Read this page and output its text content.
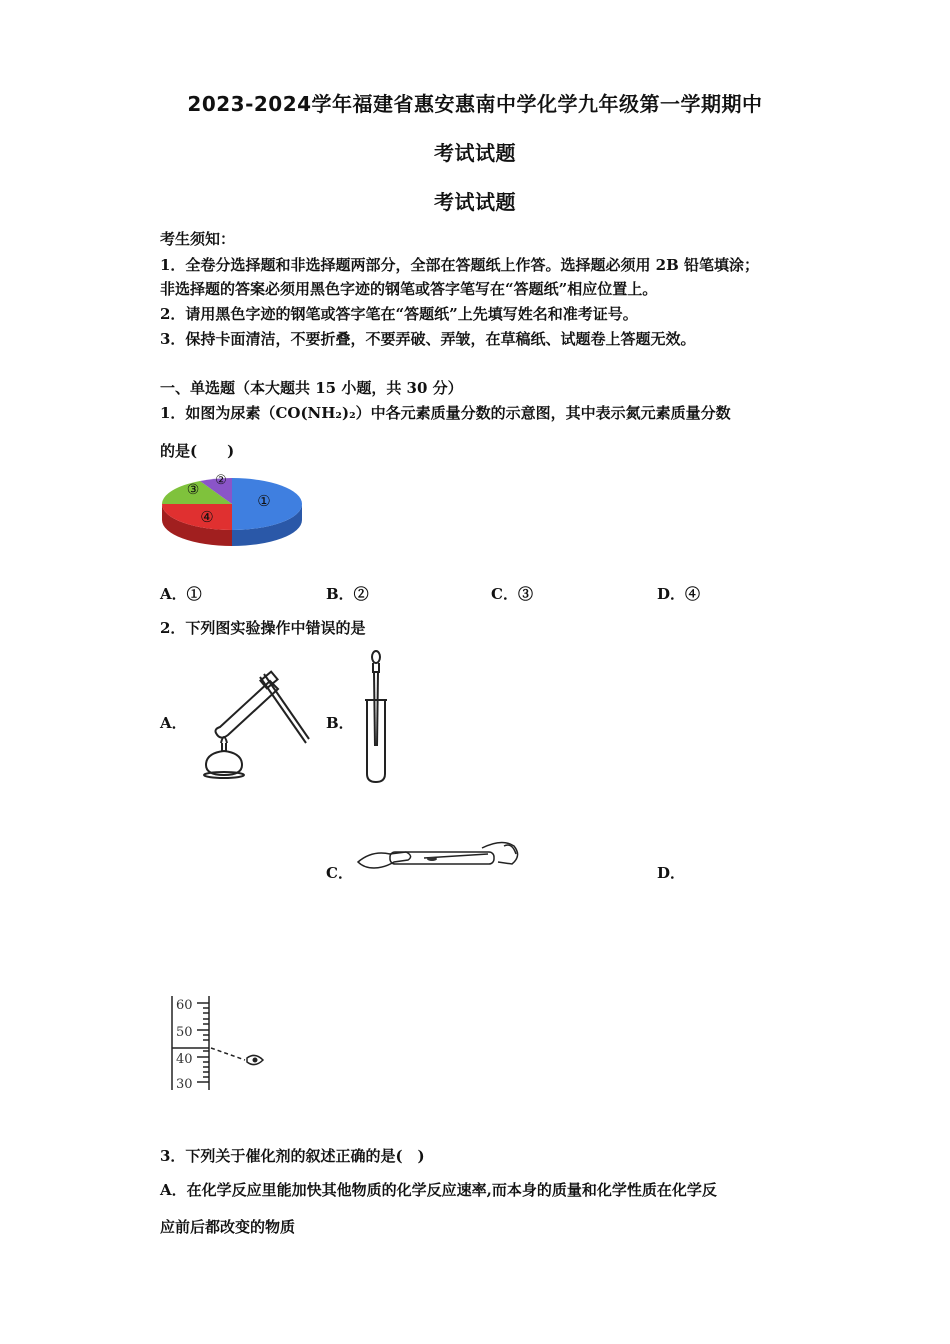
2023-2024学年福建省惠安惠南中学化学九年级第一学期期中
考试试题
考试试题
考生须知：
1．全卷分选择题和非选择题两部分，全部在答题纸上作答。选择题必须用 2B 铅笔填涂；
非选择题的答案必须用黑色字迹的钢笔或答字笔写在“答题纸”相应位置上。
2．请用黑色字迹的钢笔或答字笔在“答题纸”上先填写姓名和准考证号。
3．保持卡面清洁，不要折叠，不要弄破、弄皱，在草稿纸、试题卷上答题无效。
一、单选题（本大题共 15 小题，共 30 分）
1．如图为尿素（CO(NH₂)₂）中各元素质量分数的示意图，其中表示氮元素质量分数
的是(　　)
①
②
③
④
A．①	B．②	C．③	D．④
2．下列图实验操作中错误的是
A．	B．
C．	D．
60
50
40
30
3．下列关于催化剂的叙述正确的是(　)
A．在化学反应里能加快其他物质的化学反应速率,而本身的质量和化学性质在化学反
应前后都改变的物质
